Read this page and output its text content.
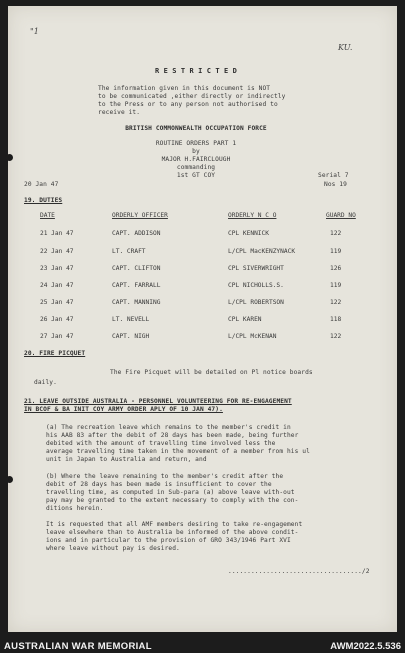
"1
KU.
R E S T R I C T E D
The information given in this document is NOT
to be communicated ,either directly or indirectly
to the Press or to any person not authorised to
receive it.
BRITISH COMMONWEALTH OCCUPATION FORCE
ROUTINE ORDERS PART 1
by
MAJOR H.FAIRCLOUGH
commanding
1st GT COY
20 Jan 47
Serial 7
Nos 19
19. DUTIES
DATE	ORDERLY OFFICER	ORDERLY N C O	GUARD NO
21 Jan 47	CAPT. ADDISON	CPL KENNICK	122
22 Jan 47	LT. CRAFT	L/CPL MacKENZYNACK	119
23 Jan 47	CAPT. CLIFTON	CPL SIVERWRIGHT	126
24 Jan 47	CAPT. FARRALL	CPL NICHOLLS.S.	119
25 Jan 47	CAPT. MANNING	L/CPL ROBERTSON	122
26 Jan 47	LT. NEVELL	CPL KAREN	118
27 Jan 47	CAPT. NIGH	L/CPL McKENAN	122
20. FIRE PICQUET
The Fire Picquet will be detailed on Pl notice boards
daily.
21. LEAVE OUTSIDE AUSTRALIA - PERSONNEL VOLUNTEERING FOR RE-ENGAGEMENT
IN BCOF & BA INIT COY ARMY ORDER APLY OF 10 JAN 47).
(a) The recreation leave which remains to the member's credit in
his AAB 83 after the debit of 28 days has been made, being further
debited with the amount of travelling time involved less the
average travelling time taken in the movement of a member from his ul
unit in Japan to Australia and return, and
(b) Where the leave remaining to the member's credit after the
debit of 28 days has been made is insufficient to cover the
travelling time, as computed in Sub-para (a) above leave with-out
pay may be granted to the extent necessary to comply with the con-
ditions herein.
It is requested that all AMF members desiring to take re-engagement
leave elsewhere than to Australia be informed of the above condit-
ions and in particular to the provision of GRO 343/1946 Part XVI
where leave without pay is desired.
.................................../2
AUSTRALIAN WAR MEMORIAL	AWM2022.5.536
